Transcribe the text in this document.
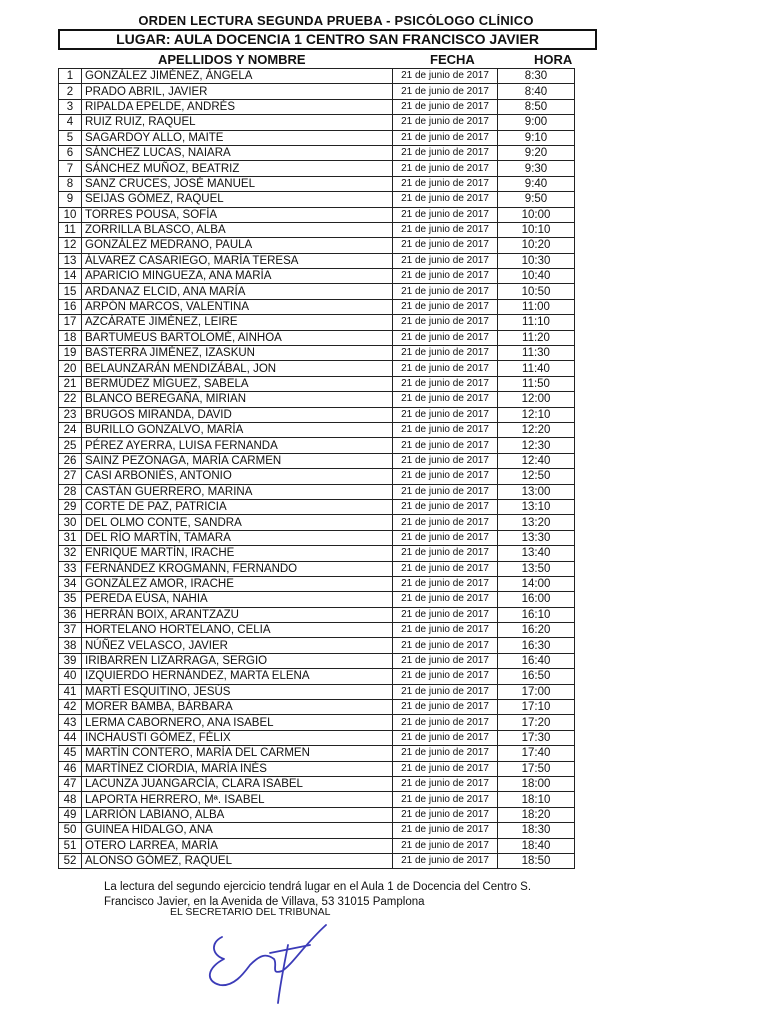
ORDEN LECTURA SEGUNDA PRUEBA - PSICÓLOGO CLÍNICO
LUGAR: AULA DOCENCIA 1 CENTRO SAN FRANCISCO JAVIER
APELLIDOS Y NOMBRE	FECHA	HORA
1	GONZÁLEZ JIMÉNEZ, ÁNGELA	21 de junio de 2017	8:30
2	PRADO ABRIL, JAVIER	21 de junio de 2017	8:40
3	RIPALDA EPELDE, ANDRÉS	21 de junio de 2017	8:50
4	RUIZ RUIZ, RAQUEL	21 de junio de 2017	9:00
5	SAGARDOY ALLO, MAITE	21 de junio de 2017	9:10
6	SÁNCHEZ LUCAS, NAIARA	21 de junio de 2017	9:20
7	SÁNCHEZ MUÑOZ, BEATRIZ	21 de junio de 2017	9:30
8	SANZ CRUCES, JOSÉ MANUEL	21 de junio de 2017	9:40
9	SEIJAS GÓMEZ, RAQUEL	21 de junio de 2017	9:50
10	TORRES POUSA, SOFÍA	21 de junio de 2017	10:00
11	ZORRILLA BLASCO, ALBA	21 de junio de 2017	10:10
12	GONZÁLEZ MEDRANO, PAULA	21 de junio de 2017	10:20
13	ÁLVAREZ CASARIEGO, MARÍA TERESA	21 de junio de 2017	10:30
14	APARICIO MINGUEZA, ANA MARÍA	21 de junio de 2017	10:40
15	ARDANAZ ELCID, ANA MARÍA	21 de junio de 2017	10:50
16	ARPÓN MARCOS, VALENTINA	21 de junio de 2017	11:00
17	AZCÁRATE JIMÉNEZ, LEIRE	21 de junio de 2017	11:10
18	BARTUMEUS BARTOLOMÉ, AINHOA	21 de junio de 2017	11:20
19	BASTERRA JIMÉNEZ, IZASKUN	21 de junio de 2017	11:30
20	BELAUNZARÁN MENDIZÁBAL, JON	21 de junio de 2017	11:40
21	BERMÚDEZ MÍGUEZ, SABELA	21 de junio de 2017	11:50
22	BLANCO BEREGAÑA, MIRIAN	21 de junio de 2017	12:00
23	BRUGOS MIRANDA, DAVID	21 de junio de 2017	12:10
24	BURILLO GONZALVO, MARÍA	21 de junio de 2017	12:20
25	PÉREZ AYERRA, LUISA FERNANDA	21 de junio de 2017	12:30
26	SAINZ PEZONAGA, MARÍA CARMEN	21 de junio de 2017	12:40
27	CASI ARBONIÉS, ANTONIO	21 de junio de 2017	12:50
28	CASTÁN GUERRERO, MARINA	21 de junio de 2017	13:00
29	CORTE DE PAZ, PATRICIA	21 de junio de 2017	13:10
30	DEL OLMO CONTE, SANDRA	21 de junio de 2017	13:20
31	DEL RÍO MARTÍN, TAMARA	21 de junio de 2017	13:30
32	ENRIQUE MARTÍN, IRACHE	21 de junio de 2017	13:40
33	FERNÁNDEZ KROGMANN, FERNANDO	21 de junio de 2017	13:50
34	GONZÁLEZ AMOR, IRACHE	21 de junio de 2017	14:00
35	PEREDA EÚSA, NAHIA	21 de junio de 2017	16:00
36	HERRÁN BOIX, ARANTZAZU	21 de junio de 2017	16:10
37	HORTELANO HORTELANO, CELIA	21 de junio de 2017	16:20
38	NÚÑEZ VELASCO, JAVIER	21 de junio de 2017	16:30
39	IRIBARREN LIZARRAGA, SERGIO	21 de junio de 2017	16:40
40	IZQUIERDO HERNÁNDEZ, MARTA ELENA	21 de junio de 2017	16:50
41	MARTÍ ESQUITINO, JESÚS	21 de junio de 2017	17:00
42	MORER BAMBA, BÁRBARA	21 de junio de 2017	17:10
43	LERMA CABORNERO, ANA ISABEL	21 de junio de 2017	17:20
44	INCHAUSTI GÓMEZ, FÉLIX	21 de junio de 2017	17:30
45	MARTÍN CONTERO, MARÍA DEL CARMEN	21 de junio de 2017	17:40
46	MARTÍNEZ CIORDIA, MARÍA INÉS	21 de junio de 2017	17:50
47	LACUNZA JUANGARCÍA, CLARA ISABEL	21 de junio de 2017	18:00
48	LAPORTA HERRERO, Mª. ISABEL	21 de junio de 2017	18:10
49	LARRIÓN LABIANO, ALBA	21 de junio de 2017	18:20
50	GUINEA HIDALGO, ANA	21 de junio de 2017	18:30
51	OTERO LARREA, MARÍA	21 de junio de 2017	18:40
52	ALONSO GÓMEZ, RAQUEL	21 de junio de 2017	18:50
La lectura del segundo ejercicio tendrá lugar en el Aula 1 de Docencia del Centro S.
Francisco Javier, en la Avenida de Villava, 53 31015 Pamplona
EL SECRETARIO DEL TRIBUNAL
